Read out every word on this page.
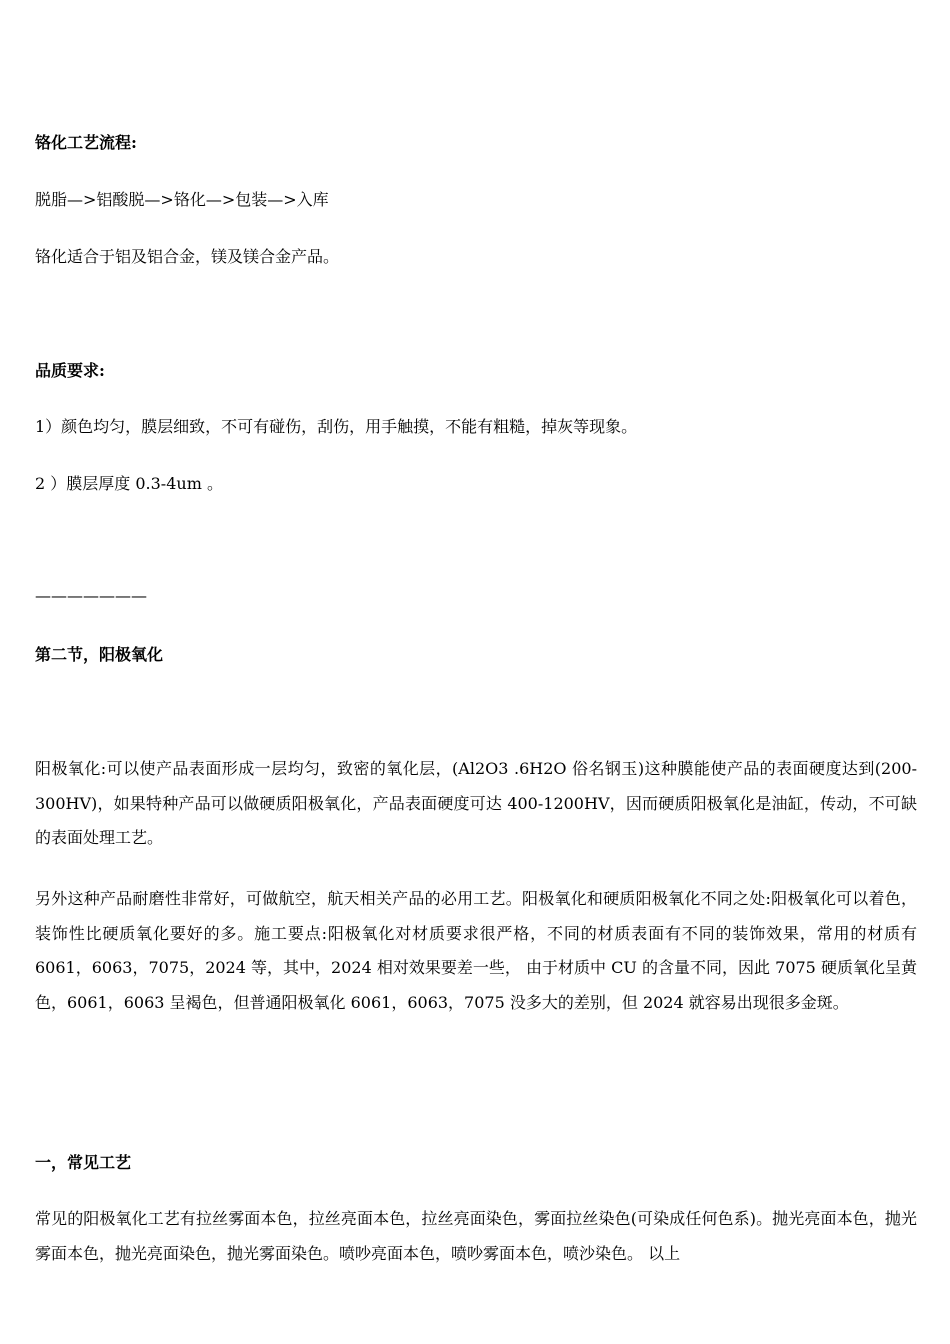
铬化工艺流程:
脱脂—>铝酸脱—>铬化—>包装—>入库
铬化适合于铝及铝合金，镁及镁合金产品。
品质要求:
1）颜色均匀，膜层细致，不可有碰伤，刮伤，用手触摸，不能有粗糙，掉灰等现象。
2 ）膜层厚度 0.3-4um 。
———————
第二节，阳极氧化
阳极氧化:可以使产品表面形成一层均匀，致密的氧化层，(Al2O3 .6H2O 俗名钢玉)这种膜能使产品的表面硬度达到(200-300HV)，如果特种产品可以做硬质阳极氧化，产品表面硬度可达 400-1200HV，因而硬质阳极氧化是油缸，传动，不可缺的表面处理工艺。
另外这种产品耐磨性非常好，可做航空，航天相关产品的必用工艺。阳极氧化和硬质阳极氧化不同之处:阳极氧化可以着色，装饰性比硬质氧化要好的多。施工要点:阳极氧化对材质要求很严格，不同的材质表面有不同的装饰效果，常用的材质有 6061，6063，7075，2024 等，其中，2024 相对效果要差一些， 由于材质中 CU 的含量不同，因此 7075 硬质氧化呈黄色，6061，6063 呈褐色，但普通阳极氧化 6061，6063，7075 没多大的差别，但 2024 就容易出现很多金斑。
一，常见工艺
常见的阳极氧化工艺有拉丝雾面本色，拉丝亮面本色，拉丝亮面染色，雾面拉丝染色(可染成任何色系)。抛光亮面本色，抛光雾面本色，抛光亮面染色，抛光雾面染色。喷吵亮面本色，喷吵雾面本色，喷沙染色。 以上
